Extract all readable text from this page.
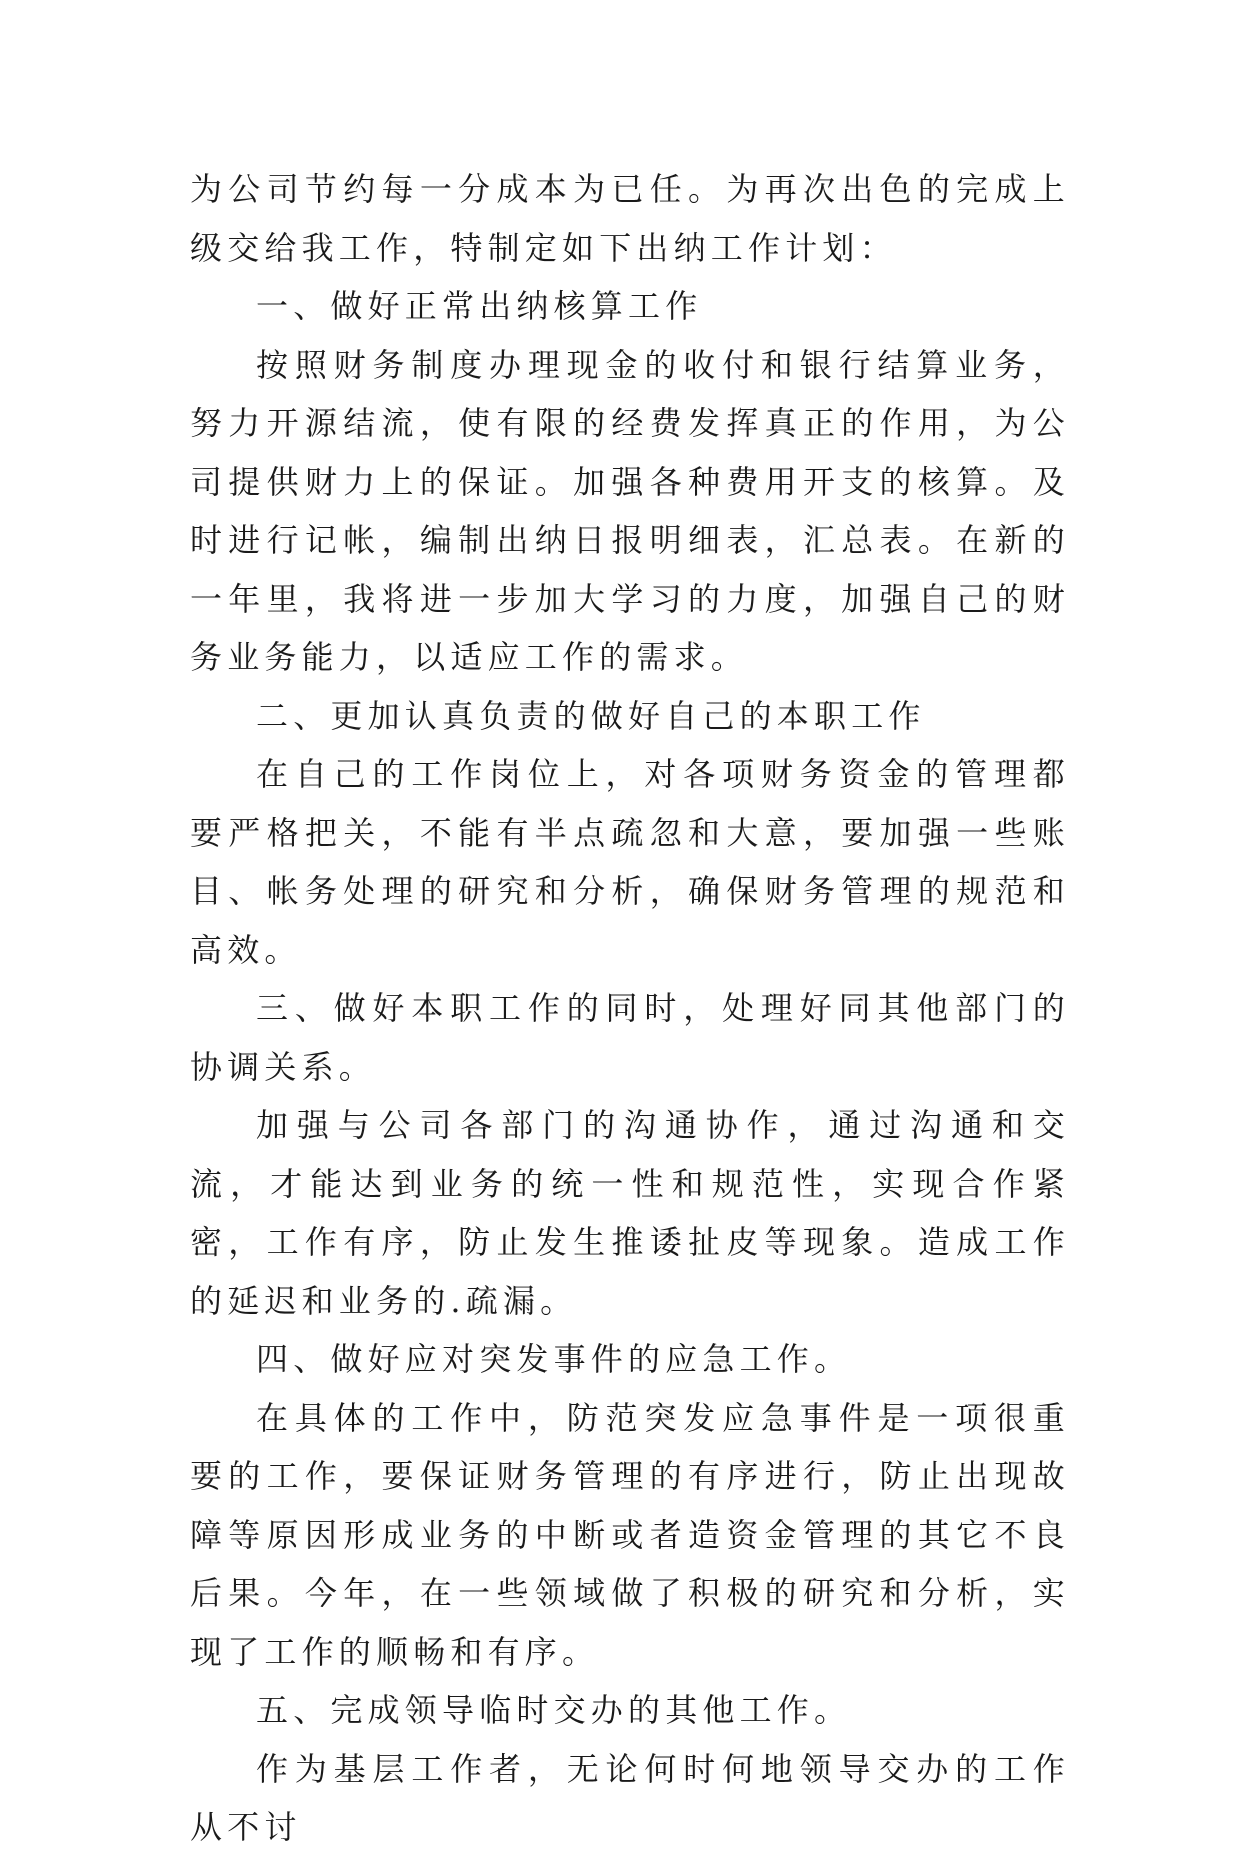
为公司节约每一分成本为已任。为再次出色的完成上级交给我工作，特制定如下出纳工作计划：

一、做好正常出纳核算工作

按照财务制度办理现金的收付和银行结算业务，努力开源结流，使有限的经费发挥真正的作用，为公司提供财力上的保证。加强各种费用开支的核算。及时进行记帐，编制出纳日报明细表，汇总表。在新的一年里，我将进一步加大学习的力度，加强自己的财务业务能力，以适应工作的需求。

二、更加认真负责的做好自己的本职工作

在自己的工作岗位上，对各项财务资金的管理都要严格把关，不能有半点疏忽和大意，要加强一些账目、帐务处理的研究和分析，确保财务管理的规范和高效。

三、做好本职工作的同时，处理好同其他部门的协调关系。

加强与公司各部门的沟通协作，通过沟通和交流，才能达到业务的统一性和规范性，实现合作紧密，工作有序，防止发生推诿扯皮等现象。造成工作的延迟和业务的.疏漏。

四、做好应对突发事件的应急工作。

在具体的工作中，防范突发应急事件是一项很重要的工作，要保证财务管理的有序进行，防止出现故障等原因形成业务的中断或者造资金管理的其它不良后果。今年，在一些领域做了积极的研究和分析，实现了工作的顺畅和有序。

五、完成领导临时交办的其他工作。

作为基层工作者，无论何时何地领导交办的工作从不讨
